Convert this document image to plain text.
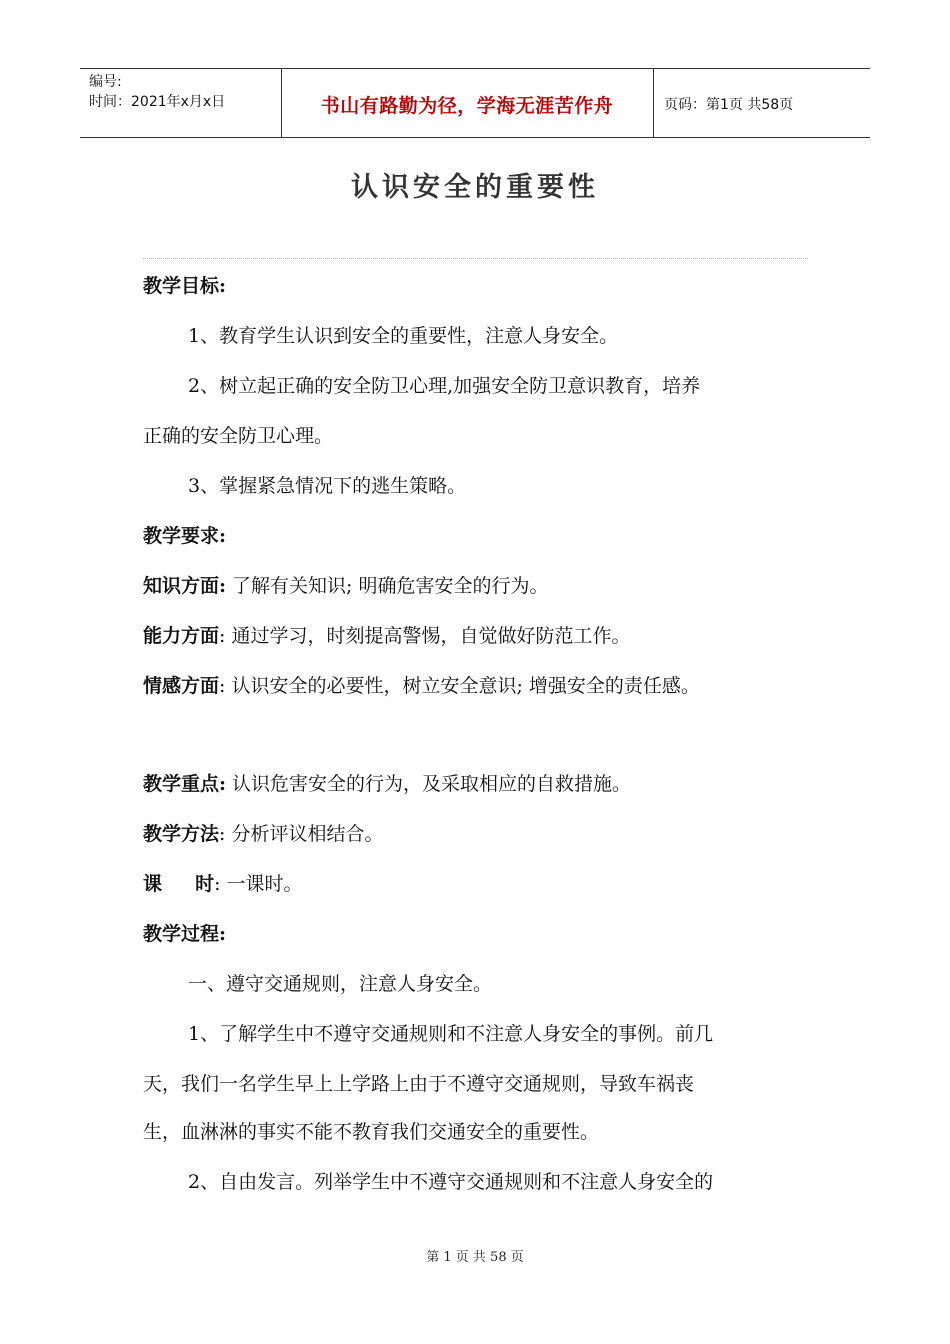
编号:
时间：2021年x月x日	书山有路勤为径，学海无涯苦作舟	页码：第1页 共58页
认识安全的重要性
教学目标:
1、教育学生认识到安全的重要性，注意人身安全。
2、树立起正确的安全防卫心理,加强安全防卫意识教育，培养
正确的安全防卫心理。
3、掌握紧急情况下的逃生策略。
教学要求:
知识方面: 了解有关知识; 明确危害安全的行为。
能力方面: 通过学习，时刻提高警惕，自觉做好防范工作。
情感方面: 认识安全的必要性，树立安全意识; 增强安全的责任感。
教学重点: 认识危害安全的行为，及采取相应的自救措施。
教学方法: 分析评议相结合。
课     时: 一课时。
教学过程:
一、遵守交通规则，注意人身安全。
1、了解学生中不遵守交通规则和不注意人身安全的事例。前几
天，我们一名学生早上上学路上由于不遵守交通规则，导致车祸丧
生，血淋淋的事实不能不教育我们交通安全的重要性。
2、自由发言。列举学生中不遵守交通规则和不注意人身安全的
第 1 页 共 58 页
